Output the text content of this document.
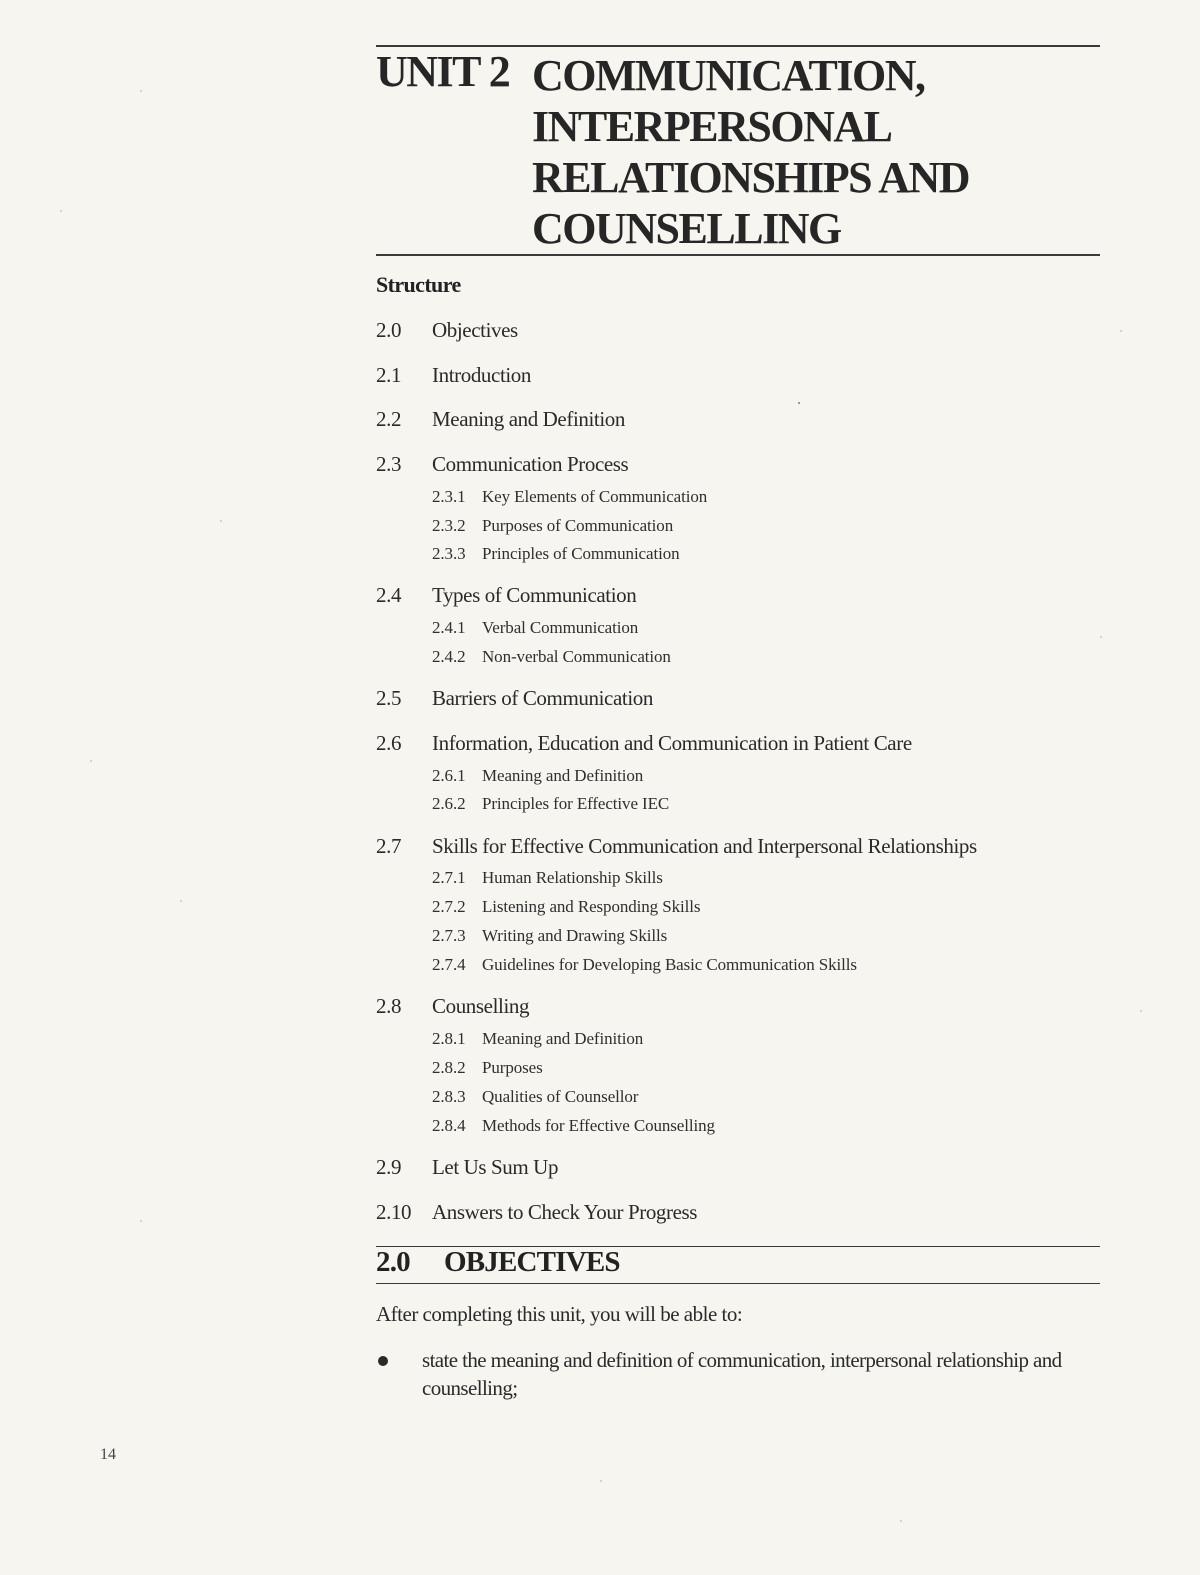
UNIT 2 COMMUNICATION,
INTERPERSONAL
RELATIONSHIPS AND
COUNSELLING
Structure
2.0 Objectives
2.1 Introduction
2.2 Meaning and Definition
2.3 Communication Process
2.3.1 Key Elements of Communication
2.3.2 Purposes of Communication
2.3.3 Principles of Communication
2.4 Types of Communication
2.4.1 Verbal Communication
2.4.2 Non-verbal Communication
2.5 Barriers of Communication
2.6 Information, Education and Communication in Patient Care
2.6.1 Meaning and Definition
2.6.2 Principles for Effective IEC
2.7 Skills for Effective Communication and Interpersonal Relationships
2.7.1 Human Relationship Skills
2.7.2 Listening and Responding Skills
2.7.3 Writing and Drawing Skills
2.7.4 Guidelines for Developing Basic Communication Skills
2.8 Counselling
2.8.1 Meaning and Definition
2.8.2 Purposes
2.8.3 Qualities of Counsellor
2.8.4 Methods for Effective Counselling
2.9 Let Us Sum Up
2.10 Answers to Check Your Progress
2.0 OBJECTIVES
After completing this unit, you will be able to:
state the meaning and definition of communication, interpersonal relationship and counselling;
14
